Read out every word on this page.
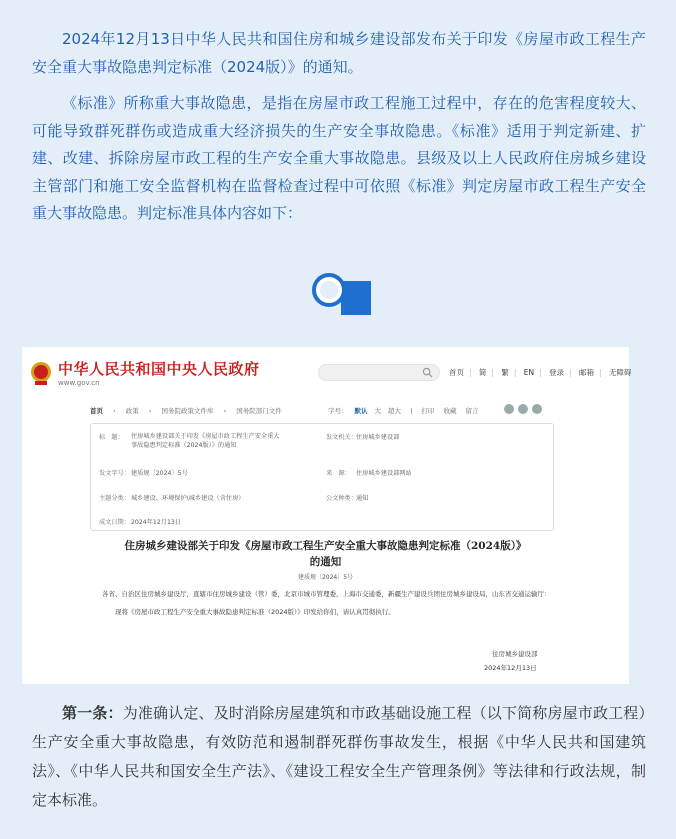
2024年12月13日中华人民共和国住房和城乡建设部发布关于印发《房屋市政工程生产安全重大事故隐患判定标准（2024版）》的通知。

《标准》所称重大事故隐患，是指在房屋市政工程施工过程中，存在的危害程度较大、可能导致群死群伤或造成重大经济损失的生产安全事故隐患。《标准》适用于判定新建、扩建、改建、拆除房屋市政工程的生产安全重大事故隐患。县级及以上人民政府住房城乡建设主管部门和施工安全监督机构在监督检查过程中可依照《标准》判定房屋市政工程生产安全重大事故隐患。判定标准具体内容如下：

中华人民共和国中央人民政府
www.gov.cn
首页 | 简 | 繁 | EN | 登录 | 邮箱 | 无障碍
首页 › 政策 › 国务院政策文件库 › 国务院部门文件	字号： 默认 大 超大 | 打印 收藏 留言
标　题： 住房城乡建设部关于印发《房屋市政工程生产安全重大事故隐患判定标准（2024版）》的通知
发文机关： 住房城乡建设部
发文字号： 建质规〔2024〕5号	来　源： 住房城乡建设部网站
主题分类： 城乡建设、环境保护\城乡建设（含住房）	公文种类： 通知
成文日期： 2024年12月13日
住房城乡建设部关于印发《房屋市政工程生产安全重大事故隐患判定标准（2024版）》
的通知
建质规〔2024〕5号
各省、自治区住房城乡建设厅，直辖市住房城乡建设（管）委，北京市城市管理委，上海市交通委，新疆生产建设兵团住房城乡建设局，山东省交通运输厅：
现将《房屋市政工程生产安全重大事故隐患判定标准（2024版）》印发给你们，请认真贯彻执行。
住房城乡建设部
2024年12月13日

第一条：为准确认定、及时消除房屋建筑和市政基础设施工程（以下简称房屋市政工程）生产安全重大事故隐患，有效防范和遏制群死群伤事故发生，根据《中华人民共和国建筑法》、《中华人民共和国安全生产法》、《建设工程安全生产管理条例》等法律和行政法规，制定本标准。
